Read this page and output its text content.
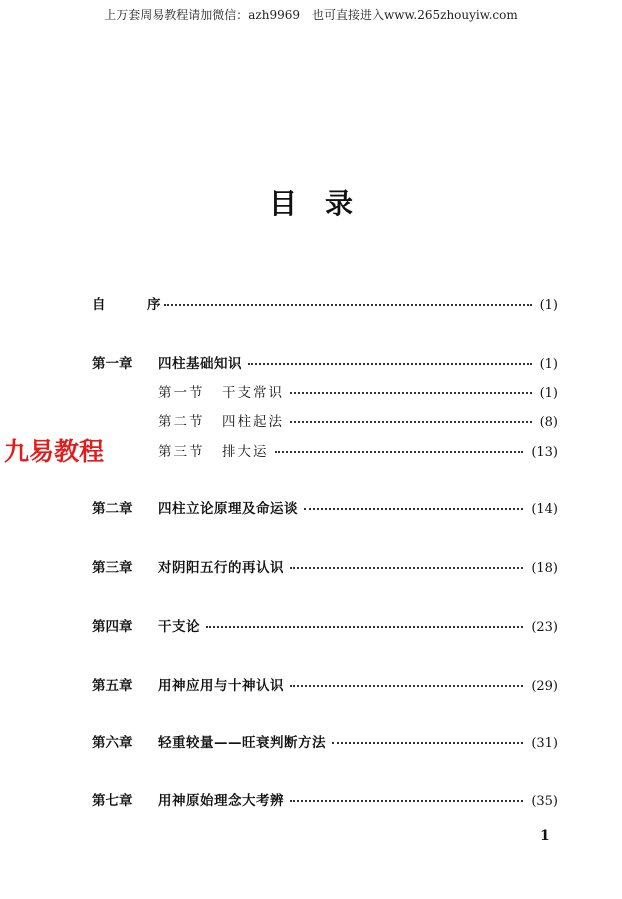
上万套周易教程请加微信：azh9969　也可直接进入www.265zhouyiw.com
目录
九易教程
自　序	(1)
第一章	四柱基础知识	(1)
第一节	干支常识	(1)
第二节	四柱起法	(8)
第三节	排大运	(13)
第二章	四柱立论原理及命运谈	(14)
第三章	对阴阳五行的再认识	(18)
第四章	干支论	(23)
第五章	用神应用与十神认识	(29)
第六章	轻重较量——旺衰判断方法	(31)
第七章	用神原始理念大考辨	(35)
1
